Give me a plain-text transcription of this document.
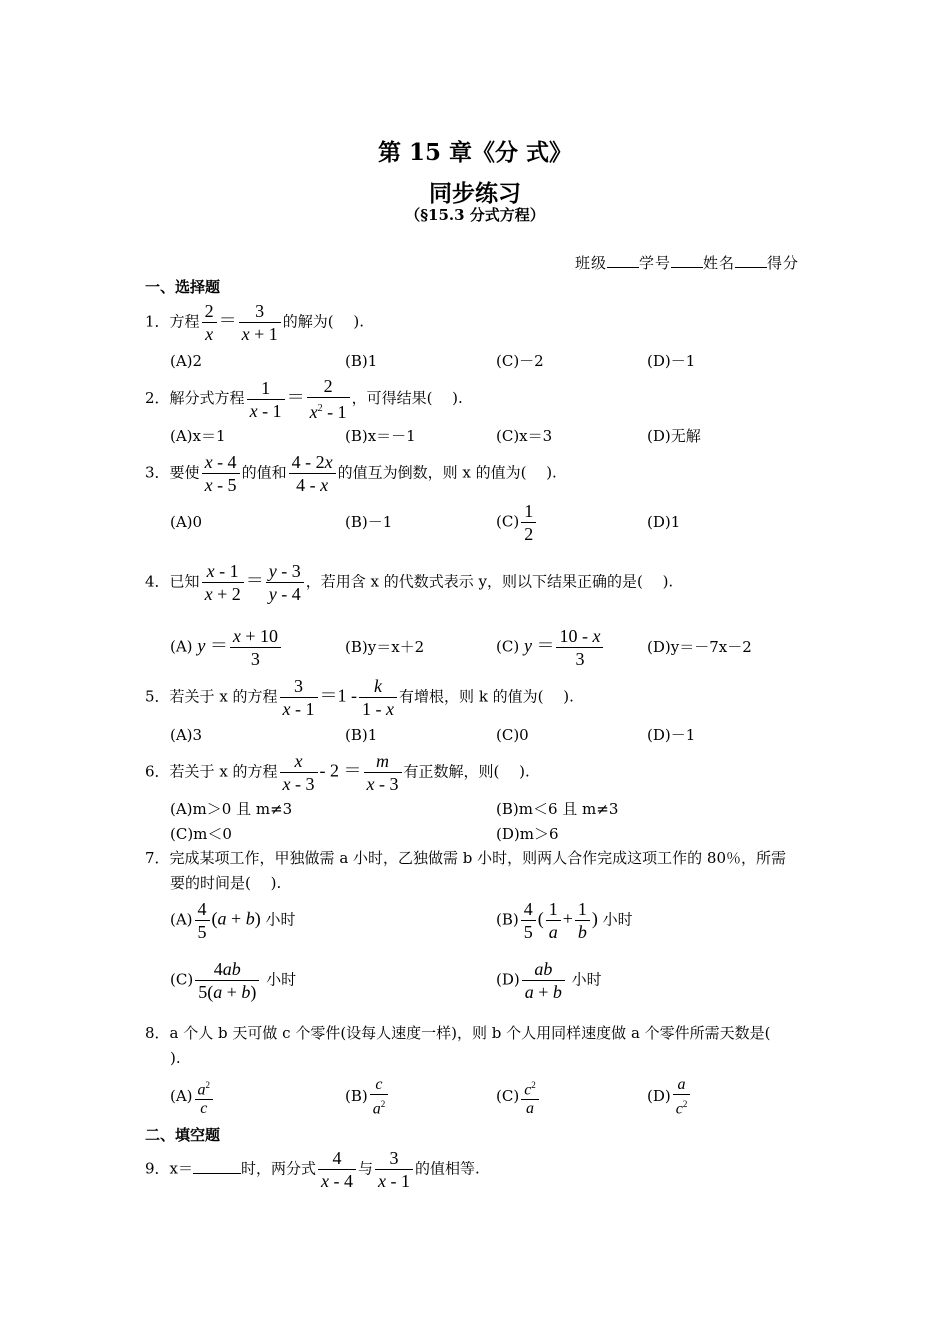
第 15 章《分 式》
同步练习
（§15.3 分式方程）
班级 学号 姓名 得分
一、选择题
1．方程 $\frac{2}{x} = \frac{3}{x + 1}$ 的解为(　 ).
(A)2	(B)1	(C)－2	(D)－1
2．解分式方程 $\frac{1}{x - 1} = \frac{2}{x^2 - 1}$ ，可得结果(　 ).
(A)x＝1	(B)x＝－1	(C)x＝3	(D)无解
3．要使 $\frac{x - 4}{x - 5}$ 的值和 $\frac{4 - 2x}{4 - x}$ 的值互为倒数，则 x 的值为(　 ).
(A)0	(B)－1	$(C) \frac{1}{2}$	(D)1
4．已知 $\frac{x - 1}{x + 2} = \frac{y - 3}{y - 4}$ ，若用含 x 的代数式表示 y，则以下结果正确的是(　 ).
(A) $y = \frac{x + 10}{3}$	(B)y＝x＋2	(C) $y = \frac{10 - x}{3}$	(D)y＝－7x－2
5．若关于 x 的方程 $\frac{3}{x - 1} =1 - \frac{k}{1 - x}$ 有增根，则 k 的值为(　 ).
(A)3	(B)1	(C)0	(D)－1
6．若关于 x 的方程 $\frac{x}{x - 3} - 2 = \frac{m}{x - 3}$ 有正数解，则(　 ).
(A)m＞0 且 m≠3	(B)m＜6 且 m≠3
(C)m＜0	(D)m＞6
7．完成某项工作，甲独做需 a 小时，乙独做需 b 小时，则两人合作完成这项工作的 80％，所需
要的时间是(　 ).
$(A) \frac{4}{5} (a + b)$ 小时	$(B) \frac{4}{5}$ ( $\frac{1}{a} + \frac{1}{b}$ ) 小时
$(C) \frac{4ab}{5(a + b)}$ 小时	$(D) \frac{ab}{a + b}$ 小时
8．a 个人 b 天可做 c 个零件(设每人速度一样)，则 b 个人用同样速度做 a 个零件所需天数是(
).
$(A) \frac{a^2}{c}$	$(B) \frac{c}{a^2}$	$(C) \frac{c^2}{a}$	$(D) \frac{a}{c^2}$
二、填空题
9．x＝	时，两分式 $\frac{4}{x - 4}$ 与 $\frac{3}{x - 1}$ 的值相等.
